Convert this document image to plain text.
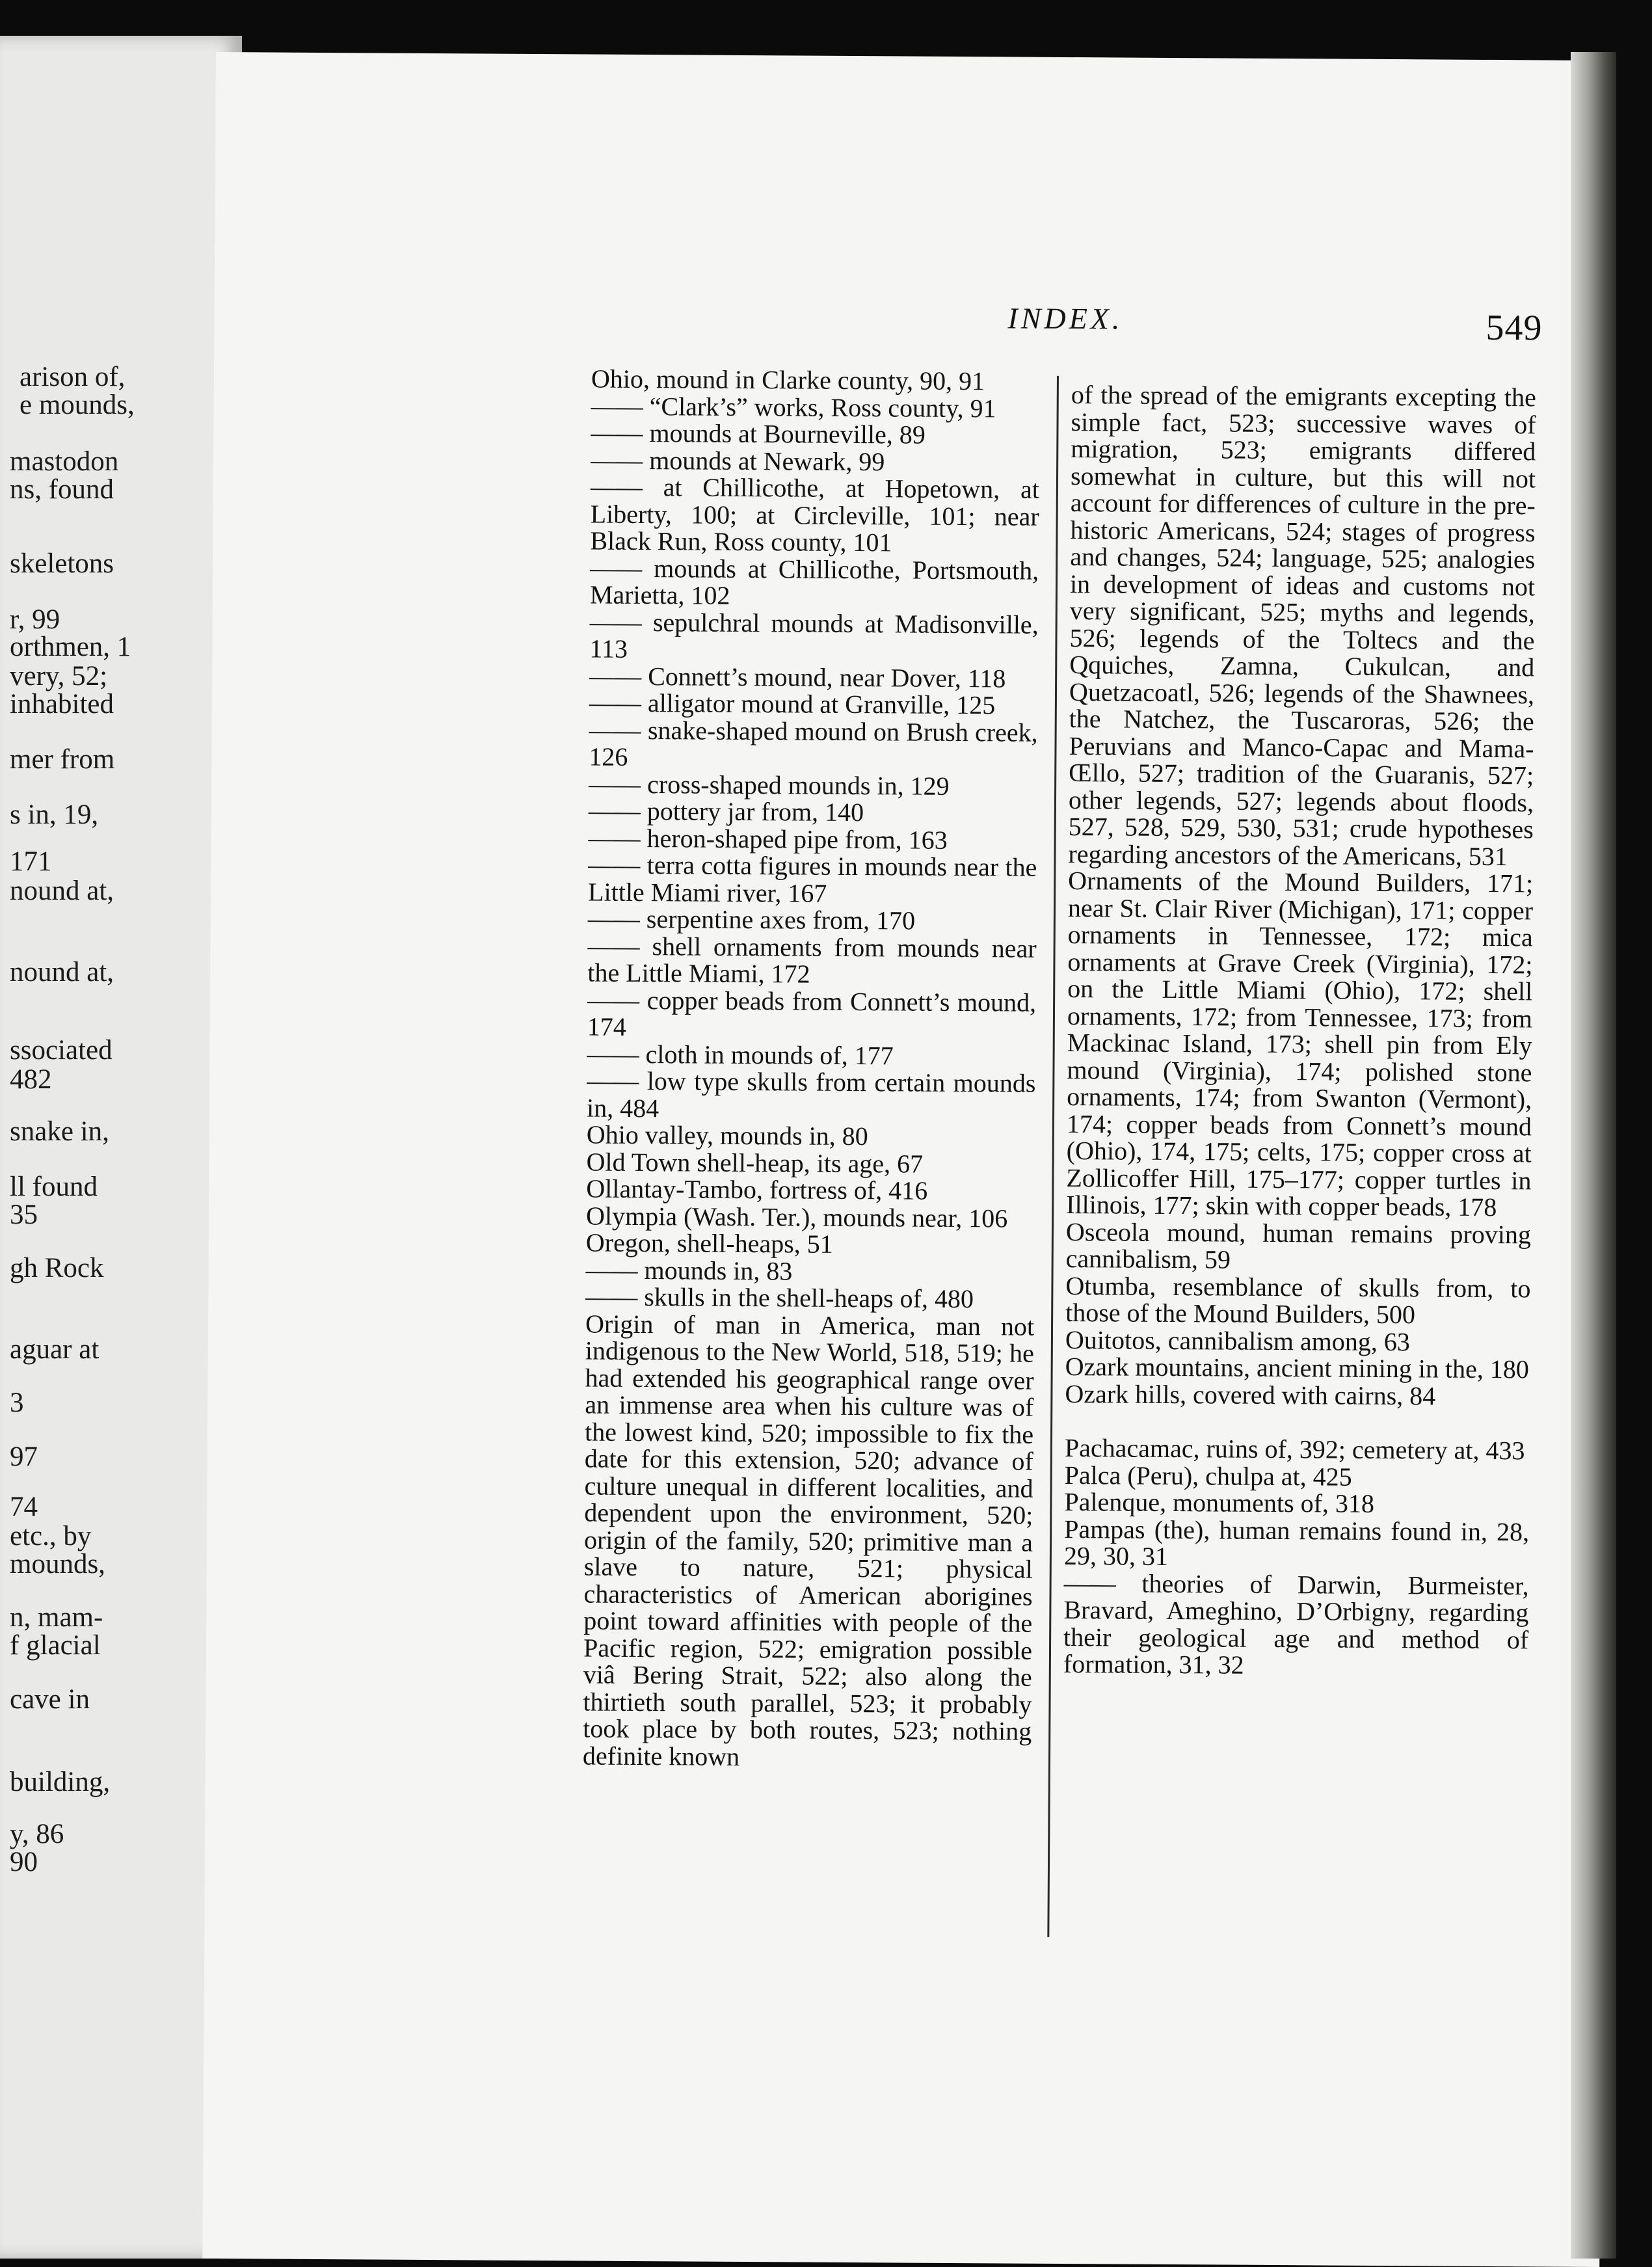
arison of,
e mounds,
mastodon
ns, found
skeletons
r, 99
orthmen, 1
very, 52;
inhabited
mer from
s in, 19,
171
nound at,
nound at,
ssociated
482
snake in,
ll found
35
gh Rock
aguar at
3
97
74
etc., by
mounds,
n, mam-
f glacial
cave in
building,
y, 86
90
INDEX.	549
Ohio, mound in Clarke county, 90, 91
—— “Clark’s” works, Ross county, 91
—— mounds at Bourneville, 89
—— mounds at Newark, 99
—— at Chillicothe, at Hopetown, at Liberty, 100; at Circleville, 101; near Black Run, Ross county, 101
—— mounds at Chillicothe, Portsmouth, Marietta, 102
—— sepulchral mounds at Madisonville, 113
—— Connett’s mound, near Dover, 118
—— alligator mound at Granville, 125
—— snake-shaped mound on Brush creek, 126
—— cross-shaped mounds in, 129
—— pottery jar from, 140
—— heron-shaped pipe from, 163
—— terra cotta figures in mounds near the Little Miami river, 167
—— serpentine axes from, 170
—— shell ornaments from mounds near the Little Miami, 172
—— copper beads from Connett’s mound, 174
—— cloth in mounds of, 177
—— low type skulls from certain mounds in, 484
Ohio valley, mounds in, 80
Old Town shell-heap, its age, 67
Ollantay-Tambo, fortress of, 416
Olympia (Wash. Ter.), mounds near, 106
Oregon, shell-heaps, 51
—— mounds in, 83
—— skulls in the shell-heaps of, 480
Origin of man in America, man not indigenous to the New World, 518, 519; he had extended his geographical range over an immense area when his culture was of the lowest kind, 520; impossible to fix the date for this extension, 520; advance of culture unequal in different localities, and dependent upon the environment, 520; origin of the family, 520; primitive man a slave to nature, 521; physical characteristics of American aborigines point toward affinities with people of the Pacific region, 522; emigration possible viâ Bering Strait, 522; also along the thirtieth south parallel, 523; it probably took place by both routes, 523; nothing definite known
of the spread of the emigrants excepting the simple fact, 523; successive waves of migration, 523; emigrants differed somewhat in culture, but this will not account for differences of culture in the pre-historic Americans, 524; stages of progress and changes, 524; language, 525; analogies in development of ideas and customs not very significant, 525; myths and legends, 526; legends of the Toltecs and the Qquiches, Zamna, Cukulcan, and Quetzacoatl, 526; legends of the Shawnees, the Natchez, the Tuscaroras, 526; the Peruvians and Manco-Capac and Mama-Œllo, 527; tradition of the Guaranis, 527; other legends, 527; legends about floods, 527, 528, 529, 530, 531; crude hypotheses regarding ancestors of the Americans, 531
Ornaments of the Mound Builders, 171; near St. Clair River (Michigan), 171; copper ornaments in Tennessee, 172; mica ornaments at Grave Creek (Virginia), 172; on the Little Miami (Ohio), 172; shell ornaments, 172; from Tennessee, 173; from Mackinac Island, 173; shell pin from Ely mound (Virginia), 174; polished stone ornaments, 174; from Swanton (Vermont), 174; copper beads from Connett’s mound (Ohio), 174, 175; celts, 175; copper cross at Zollicoffer Hill, 175–177; copper turtles in Illinois, 177; skin with copper beads, 178
Osceola mound, human remains proving cannibalism, 59
Otumba, resemblance of skulls from, to those of the Mound Builders, 500
Ouitotos, cannibalism among, 63
Ozark mountains, ancient mining in the, 180
Ozark hills, covered with cairns, 84
Pachacamac, ruins of, 392; cemetery at, 433
Palca (Peru), chulpa at, 425
Palenque, monuments of, 318
Pampas (the), human remains found in, 28, 29, 30, 31
—— theories of Darwin, Burmeister, Bravard, Ameghino, D’Orbigny, regarding their geological age and method of formation, 31, 32
